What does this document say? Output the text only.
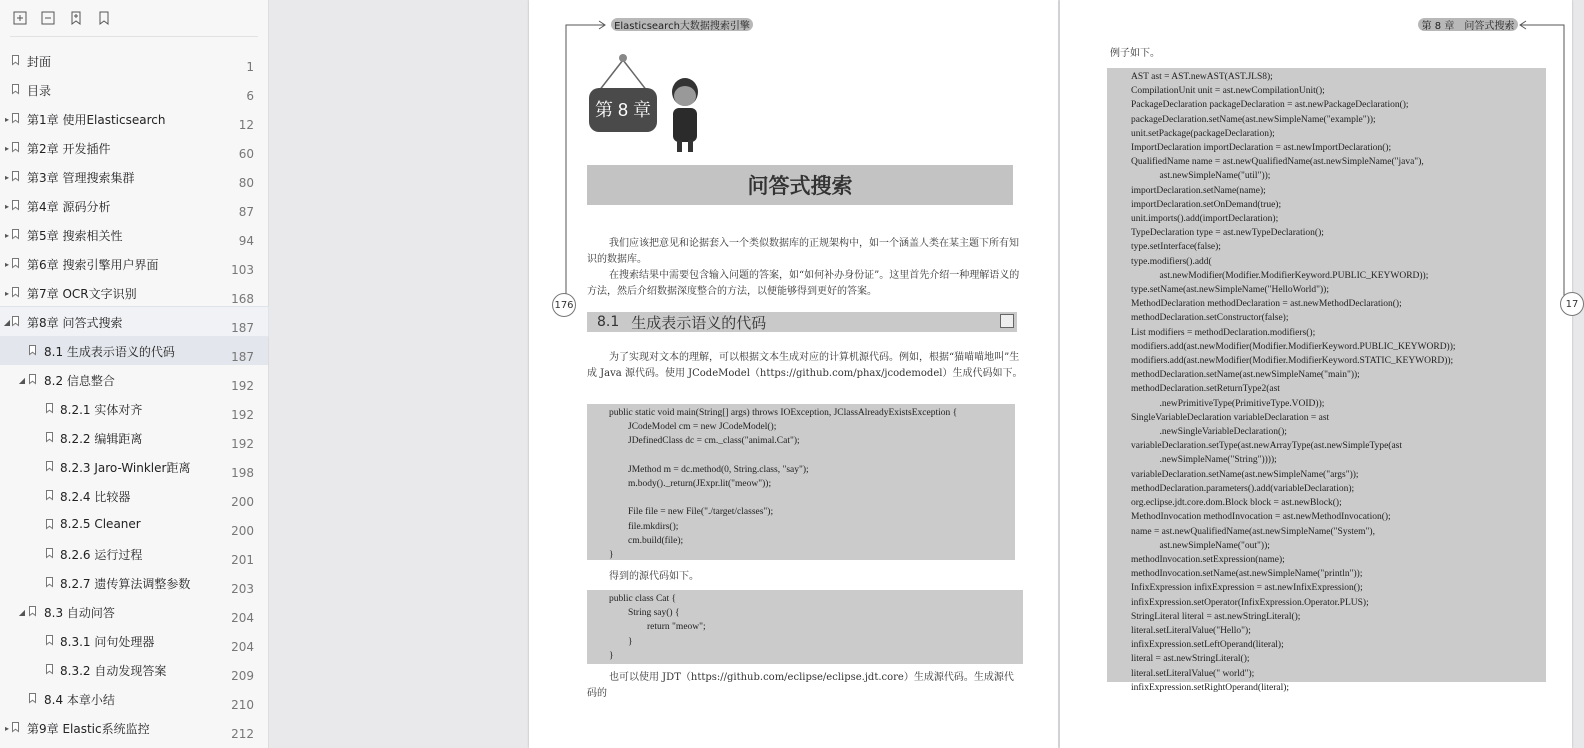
封面	1
目录	6
▸ 第1章 使用Elasticsearch	12
▸ 第2章 开发插件	60
▸ 第3章 管理搜索集群	80
▸ 第4章 源码分析	87
▸ 第5章 搜索相关性	94
▸ 第6章 搜索引擎用户界面	103
▸ 第7章 OCR文字识别	168
◢ 第8章 问答式搜索	187
8.1 生成表示语义的代码	187
◢ 8.2 信息整合	192
8.2.1 实体对齐	192
8.2.2 编辑距离	192
8.2.3 Jaro-Winkler距离	198
8.2.4 比较器	200
8.2.5 Cleaner	200
8.2.6 运行过程	201
8.2.7 遗传算法调整参数	203
◢ 8.3 自动问答	204
8.3.1 问句处理器	204
8.3.2 自动发现答案	209
8.4 本章小结	210
▸ 第9章 Elastic系统监控	212
Elasticsearch大数据搜索引擎
第 8 章
问答式搜索
我们应该把意见和论据套入一个类似数据库的正规架构中，如一个涵盖人类在某主题下所有知识的数据库。
在搜索结果中需要包含输入问题的答案，如“如何补办身份证”。这里首先介绍一种理解语义的方法，然后介绍数据深度整合的方法，以便能够得到更好的答案。
176
8.1 生成表示语义的代码
为了实现对文本的理解，可以根据文本生成对应的计算机源代码。例如，根据“猫喵喵地叫”生成 Java 源代码。使用 JCodeModel（https://github.com/phax/jcodemodel）生成代码如下。
public static void main(String[] args) throws IOException, JClassAlreadyExistsException {
JCodeModel cm = new JCodeModel();
JDefinedClass dc = cm._class("animal.Cat");

JMethod m = dc.method(0, String.class, "say");
m.body()._return(JExpr.lit("meow"));

File file = new File("./target/classes");
file.mkdirs();
cm.build(file);
}
得到的源代码如下。
public class Cat {
String say() {
return "meow";
}
}
也可以使用 JDT（https://github.com/eclipse/eclipse.jdt.core）生成源代码。生成源代码的
第 8 章　问答式搜索
17
例子如下。
AST ast = AST.newAST(AST.JLS8);
CompilationUnit unit = ast.newCompilationUnit();
PackageDeclaration packageDeclaration = ast.newPackageDeclaration();
packageDeclaration.setName(ast.newSimpleName("example"));
unit.setPackage(packageDeclaration);
ImportDeclaration importDeclaration = ast.newImportDeclaration();
QualifiedName name = ast.newQualifiedName(ast.newSimpleName("java"),
ast.newSimpleName("util"));
importDeclaration.setName(name);
importDeclaration.setOnDemand(true);
unit.imports().add(importDeclaration);
TypeDeclaration type = ast.newTypeDeclaration();
type.setInterface(false);
type.modifiers().add(
ast.newModifier(Modifier.ModifierKeyword.PUBLIC_KEYWORD));
type.setName(ast.newSimpleName("HelloWorld"));
MethodDeclaration methodDeclaration = ast.newMethodDeclaration();
methodDeclaration.setConstructor(false);
List modifiers = methodDeclaration.modifiers();
modifiers.add(ast.newModifier(Modifier.ModifierKeyword.PUBLIC_KEYWORD));
modifiers.add(ast.newModifier(Modifier.ModifierKeyword.STATIC_KEYWORD));
methodDeclaration.setName(ast.newSimpleName("main"));
methodDeclaration.setReturnType2(ast
.newPrimitiveType(PrimitiveType.VOID));
SingleVariableDeclaration variableDeclaration = ast
.newSingleVariableDeclaration();
variableDeclaration.setType(ast.newArrayType(ast.newSimpleType(ast
.newSimpleName("String"))));
variableDeclaration.setName(ast.newSimpleName("args"));
methodDeclaration.parameters().add(variableDeclaration);
org.eclipse.jdt.core.dom.Block block = ast.newBlock();
MethodInvocation methodInvocation = ast.newMethodInvocation();
name = ast.newQualifiedName(ast.newSimpleName("System"),
ast.newSimpleName("out"));
methodInvocation.setExpression(name);
methodInvocation.setName(ast.newSimpleName("println"));
InfixExpression infixExpression = ast.newInfixExpression();
infixExpression.setOperator(InfixExpression.Operator.PLUS);
StringLiteral literal = ast.newStringLiteral();
literal.setLiteralValue("Hello");
infixExpression.setLeftOperand(literal);
literal = ast.newStringLiteral();
literal.setLiteralValue(" world");
infixExpression.setRightOperand(literal);
